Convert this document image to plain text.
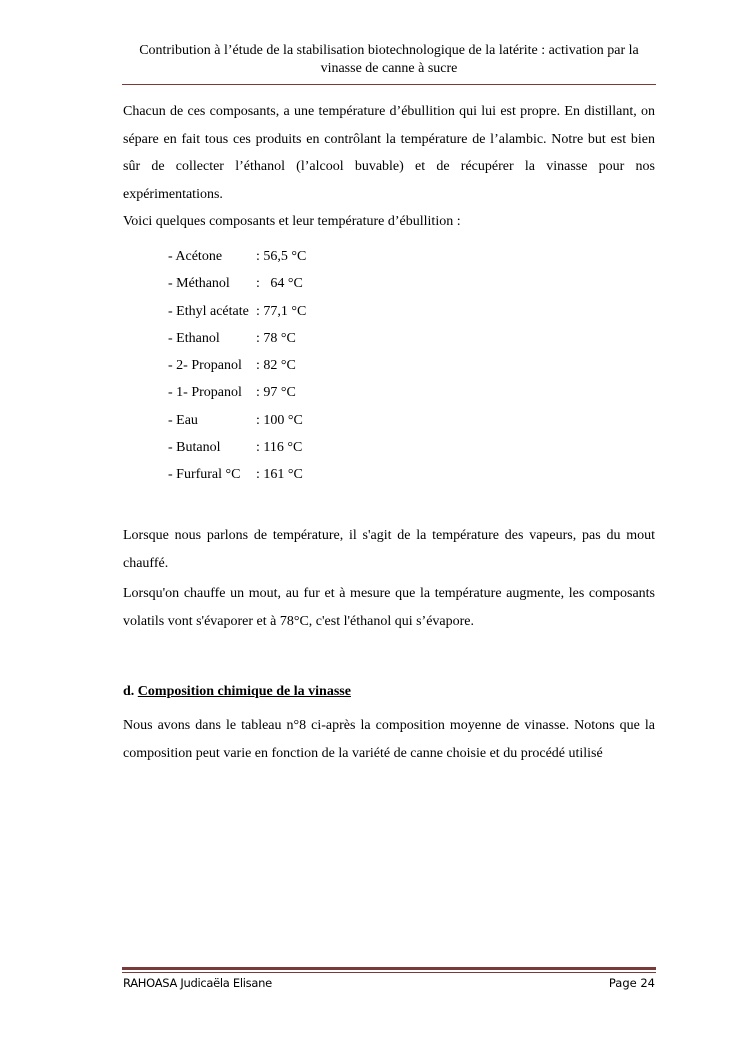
Contribution à l’étude de la stabilisation biotechnologique de la latérite : activation par la vinasse de canne à sucre
Chacun de ces composants, a une température d’ébullition qui lui est propre. En distillant, on sépare en fait tous ces produits en contrôlant la température de l’alambic. Notre but est bien sûr de collecter l’éthanol (l’alcool buvable) et de récupérer la vinasse pour nos expérimentations.
Voici quelques composants et leur température d’ébullition :
- Acétone : 56,5 °C
- Méthanol :   64 °C
- Ethyl acétate : 77,1 °C
- Ethanol	: 78 °C
- 2- Propanol : 82 °C
- 1- Propanol : 97 °C
- Eau	: 100 °C
- Butanol	: 116 °C
- Furfural °C : 161 °C
Lorsque nous parlons de température, il s'agit de la température des vapeurs, pas du mout chauffé.
Lorsqu'on chauffe un mout, au fur et à mesure que la température augmente, les composants volatils vont s'évaporer et à 78°C, c'est l'éthanol qui s’évapore.
d. Composition chimique de la vinasse
Nous avons dans le tableau n°8 ci-après la composition moyenne de vinasse. Notons que la composition peut varie en fonction de la variété de canne choisie et du procédé utilisé
RAHOASA Judicaëla Elisane	Page 24
